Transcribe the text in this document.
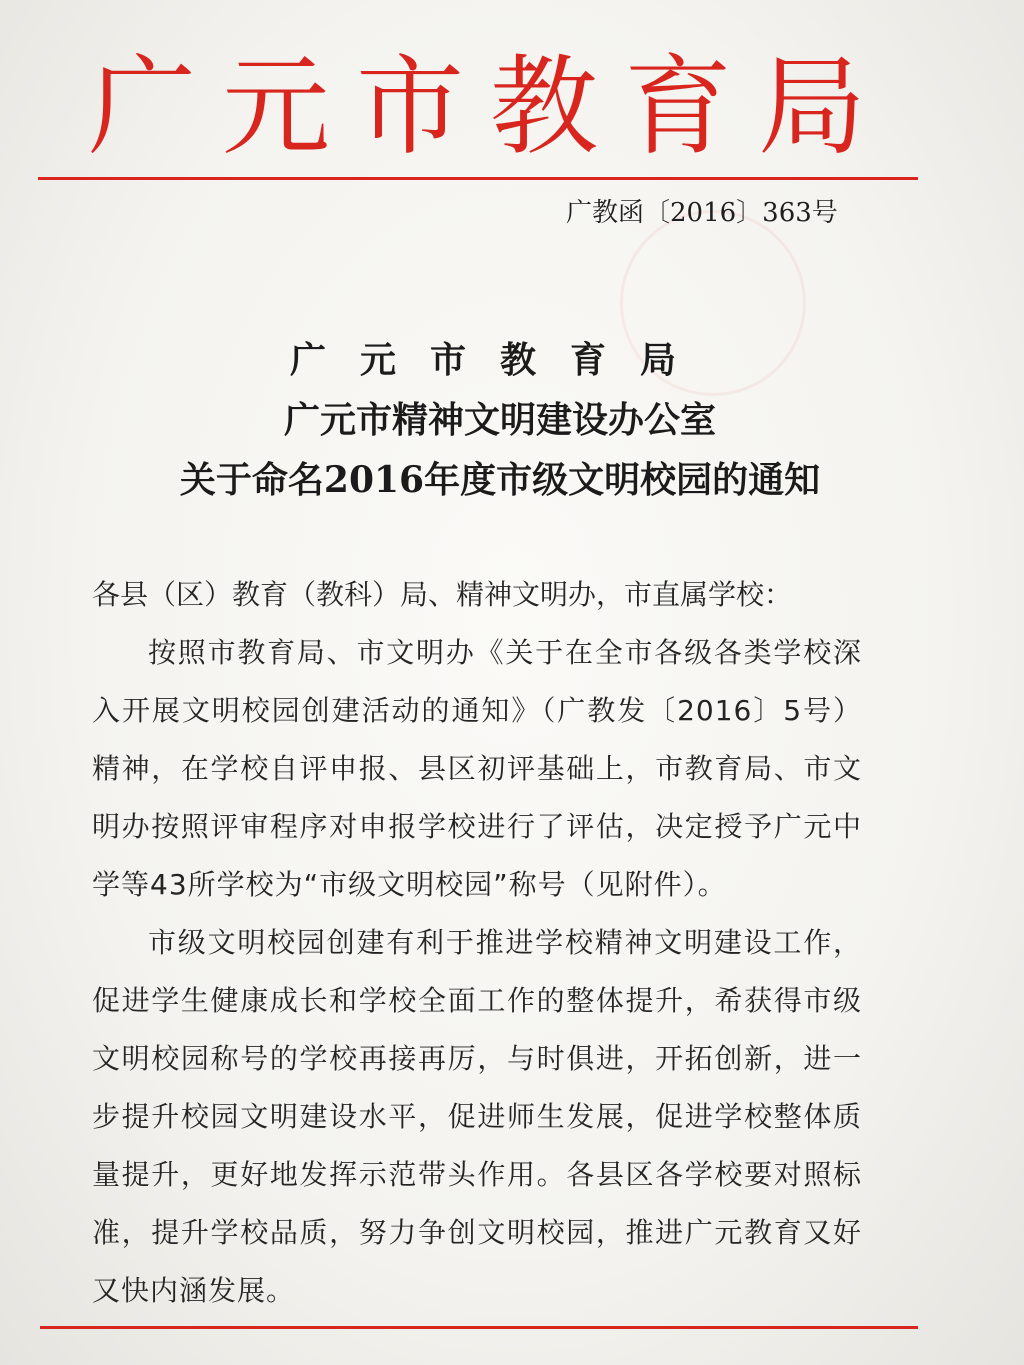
广元市教育局
广教函〔2016〕363号
广元市教育局
广元市精神文明建设办公室
关于命名2016年度市级文明校园的通知

各县（区）教育（教科）局、精神文明办，市直属学校：

按照市教育局、市文明办《关于在全市各级各类学校深入开展文明校园创建活动的通知》（广教发〔2016〕5号）精神，在学校自评申报、县区初评基础上，市教育局、市文明办按照评审程序对申报学校进行了评估，决定授予广元中学等43所学校为“市级文明校园”称号（见附件）。

市级文明校园创建有利于推进学校精神文明建设工作，促进学生健康成长和学校全面工作的整体提升，希获得市级文明校园称号的学校再接再厉，与时俱进，开拓创新，进一步提升校园文明建设水平，促进师生发展，促进学校整体质量提升，更好地发挥示范带头作用。各县区各学校要对照标准，提升学校品质，努力争创文明校园，推进广元教育又好又快内涵发展。
